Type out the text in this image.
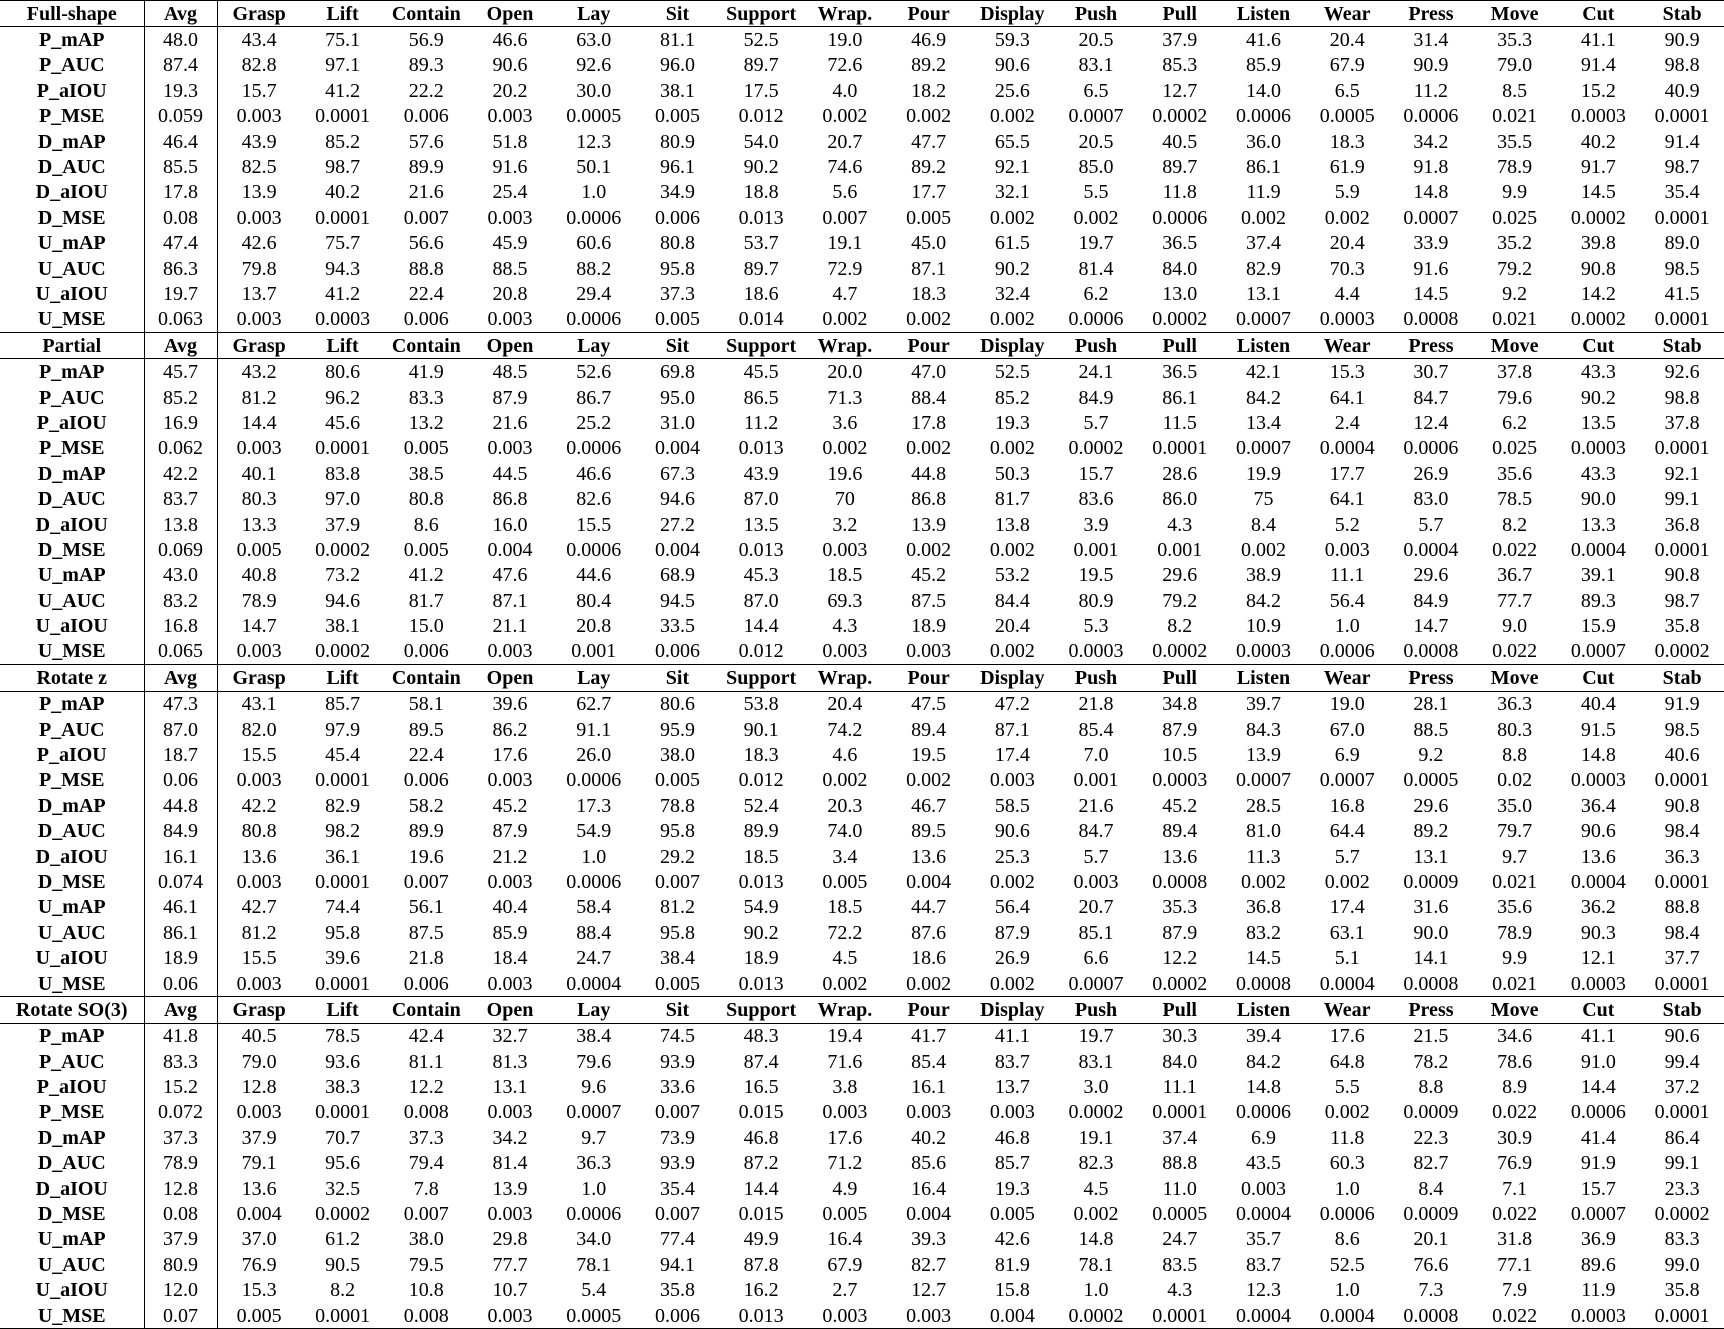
Full-shape	Avg	Grasp	Lift	Contain	Open	Lay	Sit	Support	Wrap.	Pour	Display	Push	Pull	Listen	Wear	Press	Move	Cut	Stab
P_mAP	48.0	43.4	75.1	56.9	46.6	63.0	81.1	52.5	19.0	46.9	59.3	20.5	37.9	41.6	20.4	31.4	35.3	41.1	90.9
P_AUC	87.4	82.8	97.1	89.3	90.6	92.6	96.0	89.7	72.6	89.2	90.6	83.1	85.3	85.9	67.9	90.9	79.0	91.4	98.8
P_aIOU	19.3	15.7	41.2	22.2	20.2	30.0	38.1	17.5	4.0	18.2	25.6	6.5	12.7	14.0	6.5	11.2	8.5	15.2	40.9
P_MSE	0.059	0.003	0.0001	0.006	0.003	0.0005	0.005	0.012	0.002	0.002	0.002	0.0007	0.0002	0.0006	0.0005	0.0006	0.021	0.0003	0.0001
D_mAP	46.4	43.9	85.2	57.6	51.8	12.3	80.9	54.0	20.7	47.7	65.5	20.5	40.5	36.0	18.3	34.2	35.5	40.2	91.4
D_AUC	85.5	82.5	98.7	89.9	91.6	50.1	96.1	90.2	74.6	89.2	92.1	85.0	89.7	86.1	61.9	91.8	78.9	91.7	98.7
D_aIOU	17.8	13.9	40.2	21.6	25.4	1.0	34.9	18.8	5.6	17.7	32.1	5.5	11.8	11.9	5.9	14.8	9.9	14.5	35.4
D_MSE	0.08	0.003	0.0001	0.007	0.003	0.0006	0.006	0.013	0.007	0.005	0.002	0.002	0.0006	0.002	0.002	0.0007	0.025	0.0002	0.0001
U_mAP	47.4	42.6	75.7	56.6	45.9	60.6	80.8	53.7	19.1	45.0	61.5	19.7	36.5	37.4	20.4	33.9	35.2	39.8	89.0
U_AUC	86.3	79.8	94.3	88.8	88.5	88.2	95.8	89.7	72.9	87.1	90.2	81.4	84.0	82.9	70.3	91.6	79.2	90.8	98.5
U_aIOU	19.7	13.7	41.2	22.4	20.8	29.4	37.3	18.6	4.7	18.3	32.4	6.2	13.0	13.1	4.4	14.5	9.2	14.2	41.5
U_MSE	0.063	0.003	0.0003	0.006	0.003	0.0006	0.005	0.014	0.002	0.002	0.002	0.0006	0.0002	0.0007	0.0003	0.0008	0.021	0.0002	0.0001
Partial	Avg	Grasp	Lift	Contain	Open	Lay	Sit	Support	Wrap.	Pour	Display	Push	Pull	Listen	Wear	Press	Move	Cut	Stab
P_mAP	45.7	43.2	80.6	41.9	48.5	52.6	69.8	45.5	20.0	47.0	52.5	24.1	36.5	42.1	15.3	30.7	37.8	43.3	92.6
P_AUC	85.2	81.2	96.2	83.3	87.9	86.7	95.0	86.5	71.3	88.4	85.2	84.9	86.1	84.2	64.1	84.7	79.6	90.2	98.8
P_aIOU	16.9	14.4	45.6	13.2	21.6	25.2	31.0	11.2	3.6	17.8	19.3	5.7	11.5	13.4	2.4	12.4	6.2	13.5	37.8
P_MSE	0.062	0.003	0.0001	0.005	0.003	0.0006	0.004	0.013	0.002	0.002	0.002	0.0002	0.0001	0.0007	0.0004	0.0006	0.025	0.0003	0.0001
D_mAP	42.2	40.1	83.8	38.5	44.5	46.6	67.3	43.9	19.6	44.8	50.3	15.7	28.6	19.9	17.7	26.9	35.6	43.3	92.1
D_AUC	83.7	80.3	97.0	80.8	86.8	82.6	94.6	87.0	70	86.8	81.7	83.6	86.0	75	64.1	83.0	78.5	90.0	99.1
D_aIOU	13.8	13.3	37.9	8.6	16.0	15.5	27.2	13.5	3.2	13.9	13.8	3.9	4.3	8.4	5.2	5.7	8.2	13.3	36.8
D_MSE	0.069	0.005	0.0002	0.005	0.004	0.0006	0.004	0.013	0.003	0.002	0.002	0.001	0.001	0.002	0.003	0.0004	0.022	0.0004	0.0001
U_mAP	43.0	40.8	73.2	41.2	47.6	44.6	68.9	45.3	18.5	45.2	53.2	19.5	29.6	38.9	11.1	29.6	36.7	39.1	90.8
U_AUC	83.2	78.9	94.6	81.7	87.1	80.4	94.5	87.0	69.3	87.5	84.4	80.9	79.2	84.2	56.4	84.9	77.7	89.3	98.7
U_aIOU	16.8	14.7	38.1	15.0	21.1	20.8	33.5	14.4	4.3	18.9	20.4	5.3	8.2	10.9	1.0	14.7	9.0	15.9	35.8
U_MSE	0.065	0.003	0.0002	0.006	0.003	0.001	0.006	0.012	0.003	0.003	0.002	0.0003	0.0002	0.0003	0.0006	0.0008	0.022	0.0007	0.0002
Rotate z	Avg	Grasp	Lift	Contain	Open	Lay	Sit	Support	Wrap.	Pour	Display	Push	Pull	Listen	Wear	Press	Move	Cut	Stab
P_mAP	47.3	43.1	85.7	58.1	39.6	62.7	80.6	53.8	20.4	47.5	47.2	21.8	34.8	39.7	19.0	28.1	36.3	40.4	91.9
P_AUC	87.0	82.0	97.9	89.5	86.2	91.1	95.9	90.1	74.2	89.4	87.1	85.4	87.9	84.3	67.0	88.5	80.3	91.5	98.5
P_aIOU	18.7	15.5	45.4	22.4	17.6	26.0	38.0	18.3	4.6	19.5	17.4	7.0	10.5	13.9	6.9	9.2	8.8	14.8	40.6
P_MSE	0.06	0.003	0.0001	0.006	0.003	0.0006	0.005	0.012	0.002	0.002	0.003	0.001	0.0003	0.0007	0.0007	0.0005	0.02	0.0003	0.0001
D_mAP	44.8	42.2	82.9	58.2	45.2	17.3	78.8	52.4	20.3	46.7	58.5	21.6	45.2	28.5	16.8	29.6	35.0	36.4	90.8
D_AUC	84.9	80.8	98.2	89.9	87.9	54.9	95.8	89.9	74.0	89.5	90.6	84.7	89.4	81.0	64.4	89.2	79.7	90.6	98.4
D_aIOU	16.1	13.6	36.1	19.6	21.2	1.0	29.2	18.5	3.4	13.6	25.3	5.7	13.6	11.3	5.7	13.1	9.7	13.6	36.3
D_MSE	0.074	0.003	0.0001	0.007	0.003	0.0006	0.007	0.013	0.005	0.004	0.002	0.003	0.0008	0.002	0.002	0.0009	0.021	0.0004	0.0001
U_mAP	46.1	42.7	74.4	56.1	40.4	58.4	81.2	54.9	18.5	44.7	56.4	20.7	35.3	36.8	17.4	31.6	35.6	36.2	88.8
U_AUC	86.1	81.2	95.8	87.5	85.9	88.4	95.8	90.2	72.2	87.6	87.9	85.1	87.9	83.2	63.1	90.0	78.9	90.3	98.4
U_aIOU	18.9	15.5	39.6	21.8	18.4	24.7	38.4	18.9	4.5	18.6	26.9	6.6	12.2	14.5	5.1	14.1	9.9	12.1	37.7
U_MSE	0.06	0.003	0.0001	0.006	0.003	0.0004	0.005	0.013	0.002	0.002	0.002	0.0007	0.0002	0.0008	0.0004	0.0008	0.021	0.0003	0.0001
Rotate SO(3)	Avg	Grasp	Lift	Contain	Open	Lay	Sit	Support	Wrap.	Pour	Display	Push	Pull	Listen	Wear	Press	Move	Cut	Stab
P_mAP	41.8	40.5	78.5	42.4	32.7	38.4	74.5	48.3	19.4	41.7	41.1	19.7	30.3	39.4	17.6	21.5	34.6	41.1	90.6
P_AUC	83.3	79.0	93.6	81.1	81.3	79.6	93.9	87.4	71.6	85.4	83.7	83.1	84.0	84.2	64.8	78.2	78.6	91.0	99.4
P_aIOU	15.2	12.8	38.3	12.2	13.1	9.6	33.6	16.5	3.8	16.1	13.7	3.0	11.1	14.8	5.5	8.8	8.9	14.4	37.2
P_MSE	0.072	0.003	0.0001	0.008	0.003	0.0007	0.007	0.015	0.003	0.003	0.003	0.0002	0.0001	0.0006	0.002	0.0009	0.022	0.0006	0.0001
D_mAP	37.3	37.9	70.7	37.3	34.2	9.7	73.9	46.8	17.6	40.2	46.8	19.1	37.4	6.9	11.8	22.3	30.9	41.4	86.4
D_AUC	78.9	79.1	95.6	79.4	81.4	36.3	93.9	87.2	71.2	85.6	85.7	82.3	88.8	43.5	60.3	82.7	76.9	91.9	99.1
D_aIOU	12.8	13.6	32.5	7.8	13.9	1.0	35.4	14.4	4.9	16.4	19.3	4.5	11.0	0.003	1.0	8.4	7.1	15.7	23.3
D_MSE	0.08	0.004	0.0002	0.007	0.003	0.0006	0.007	0.015	0.005	0.004	0.005	0.002	0.0005	0.0004	0.0006	0.0009	0.022	0.0007	0.0002
U_mAP	37.9	37.0	61.2	38.0	29.8	34.0	77.4	49.9	16.4	39.3	42.6	14.8	24.7	35.7	8.6	20.1	31.8	36.9	83.3
U_AUC	80.9	76.9	90.5	79.5	77.7	78.1	94.1	87.8	67.9	82.7	81.9	78.1	83.5	83.7	52.5	76.6	77.1	89.6	99.0
U_aIOU	12.0	15.3	8.2	10.8	10.7	5.4	35.8	16.2	2.7	12.7	15.8	1.0	4.3	12.3	1.0	7.3	7.9	11.9	35.8
U_MSE	0.07	0.005	0.0001	0.008	0.003	0.0005	0.006	0.013	0.003	0.003	0.004	0.0002	0.0001	0.0004	0.0004	0.0008	0.022	0.0003	0.0001
